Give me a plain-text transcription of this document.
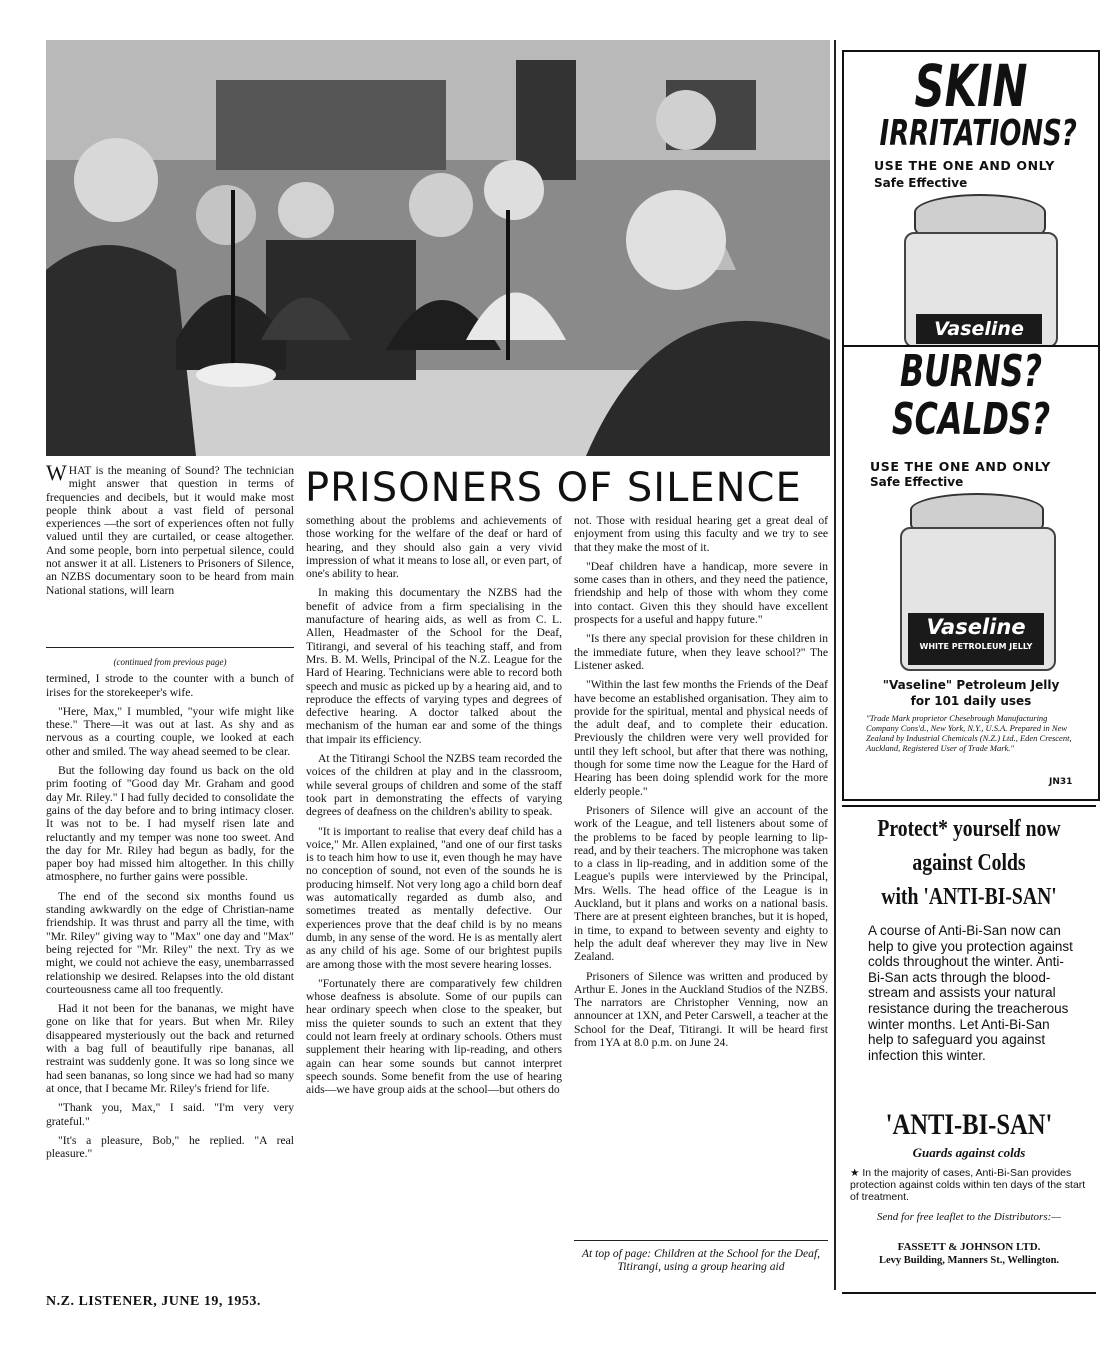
PRISONERS OF SILENCE

WHAT is the meaning of Sound? The technician might answer that question in terms of frequencies and decibels, but it would make most people think about a vast field of personal experiences —the sort of experiences often not fully valued until they are curtailed, or cease altogether. And some people, born into perpetual silence, could not answer it at all. Listeners to Prisoners of Silence, an NZBS documentary soon to be heard from main National stations, will learn

(continued from previous page)

termined, I strode to the counter with a bunch of irises for the storekeeper's wife.

"Here, Max," I mumbled, "your wife might like these." There—it was out at last. As shy and as nervous as a courting couple, we looked at each other and smiled. The way ahead seemed to be clear.

But the following day found us back on the old prim footing of "Good day Mr. Graham and good day Mr. Riley." I had fully decided to consolidate the gains of the day before and to bring intimacy closer. It was not to be. I had myself risen late and reluctantly and my temper was none too sweet. And the day for Mr. Riley had begun as badly, for the paper boy had missed him altogether. In this chilly atmosphere, no further gains were possible.

The end of the second six months found us standing awkwardly on the edge of Christian-name friendship. It was thrust and parry all the time, with "Mr. Riley" giving way to "Max" one day and "Max" being rejected for "Mr. Riley" the next. Try as we might, we could not achieve the easy, unembarrassed relationship we desired. Relapses into the old distant courteousness came all too frequently.

Had it not been for the bananas, we might have gone on like that for years. But when Mr. Riley disappeared mysteriously out the back and returned with a bag full of beautifully ripe bananas, all restraint was suddenly gone. It was so long since we had seen bananas, so long since we had had so many at once, that I became Mr. Riley's friend for life.

"Thank you, Max," I said. "I'm very very grateful."

"It's a pleasure, Bob," he replied. "A real pleasure."

something about the problems and achievements of those working for the welfare of the deaf or hard of hearing, and they should also gain a very vivid impression of what it means to lose all, or even part, of one's ability to hear.

In making this documentary the NZBS had the benefit of advice from a firm specialising in the manufacture of hearing aids, as well as from C. L. Allen, Headmaster of the School for the Deaf, Titirangi, and several of his teaching staff, and from Mrs. B. M. Wells, Principal of the N.Z. League for the Hard of Hearing. Technicians were able to record both speech and music as picked up by a hearing aid, and to reproduce the effects of varying types and degrees of defective hearing. A doctor talked about the mechanism of the human ear and some of the things that impair its efficiency.

At the Titirangi School the NZBS team recorded the voices of the children at play and in the classroom, while several groups of children and some of the staff took part in demonstrating the effects of varying degrees of deafness on the children's ability to speak.

"It is important to realise that every deaf child has a voice," Mr. Allen explained, "and one of our first tasks is to teach him how to use it, even though he may have no conception of sound, not even of the sounds he is producing himself. Not very long ago a child born deaf was automatically regarded as dumb also, and sometimes treated as mentally defective. Our experiences prove that the deaf child is by no means dumb, in any sense of the word. He is as mentally alert as any child of his age. Some of our brightest pupils are among those with the most severe hearing losses.

"Fortunately there are comparatively few children whose deafness is absolute. Some of our pupils can hear ordinary speech when close to the speaker, but miss the quieter sounds to such an extent that they could not learn freely at ordinary schools. Others must supplement their hearing with lip-reading, and others again can hear some sounds but cannot interpret speech sounds. Some benefit from the use of hearing aids—we have group aids at the school—but others do

not. Those with residual hearing get a great deal of enjoyment from using this faculty and we try to see that they make the most of it.

"Deaf children have a handicap, more severe in some cases than in others, and they need the patience, friendship and help of those with whom they come into contact. Given this they should have excellent prospects for a useful and happy future."

"Is there any special provision for these children in the immediate future, when they leave school?" The Listener asked.

"Within the last few months the Friends of the Deaf have become an established organisation. They aim to provide for the spiritual, mental and physical needs of the adult deaf, and to complete their education. Previously the children were very well provided for until they left school, but after that there was nothing, though for some time now the League for the Hard of Hearing has been doing splendid work for the more elderly people."

Prisoners of Silence will give an account of the work of the League, and tell listeners about some of the problems to be faced by people learning to lip-read, and by their teachers. The microphone was taken to a class in lip-reading, and in addition some of the League's pupils were interviewed by the Principal, Mrs. Wells. The head office of the League is in Auckland, but it plans and works on a national basis. There are at present eighteen branches, but it is hoped, in time, to expand to between seventy and eighty to help the adult deaf wherever they may live in New Zealand.

Prisoners of Silence was written and produced by Arthur E. Jones in the Auckland Studios of the NZBS. The narrators are Christopher Venning, now an announcer at 1XN, and Peter Carswell, a teacher at the School for the Deaf, Titirangi. It will be heard first from 1YA at 8.0 p.m. on June 24.

At top of page: Children at the School for the Deaf, Titirangi, using a group hearing aid
N.Z. LISTENER, JUNE 19, 1953.
SKIN
IRRITATIONS?
USE THE ONE AND ONLY
Safe Effective
Vaseline
BURNS?
SCALDS?
USE THE ONE AND ONLY
Safe Effective
Vaseline
WHITE PETROLEUM JELLY
"Vaseline" Petroleum Jelly
for 101 daily uses
"Trade Mark proprietor Chesebrough Manufacturing Company Cons'd., New York, N.Y., U.S.A. Prepared in New Zealand by Industrial Chemicals (N.Z.) Ltd., Eden Crescent, Auckland, Registered User of Trade Mark."
JN31
Protect* yourself now
against Colds
with 'ANTI-BI-SAN'
A course of Anti-Bi-San now can help to give you protection against colds throughout the winter. Anti-Bi-San acts through the blood-stream and assists your natural resistance during the treacherous winter months. Let Anti-Bi-San help to safeguard you against infection this winter.
'ANTI-BI-SAN'
Guards against colds
★ In the majority of cases, Anti-Bi-San provides protection against colds within ten days of the start of treatment.
Send for free leaflet to the Distributors:—
FASSETT & JOHNSON LTD.
Levy Building, Manners St., Wellington.
